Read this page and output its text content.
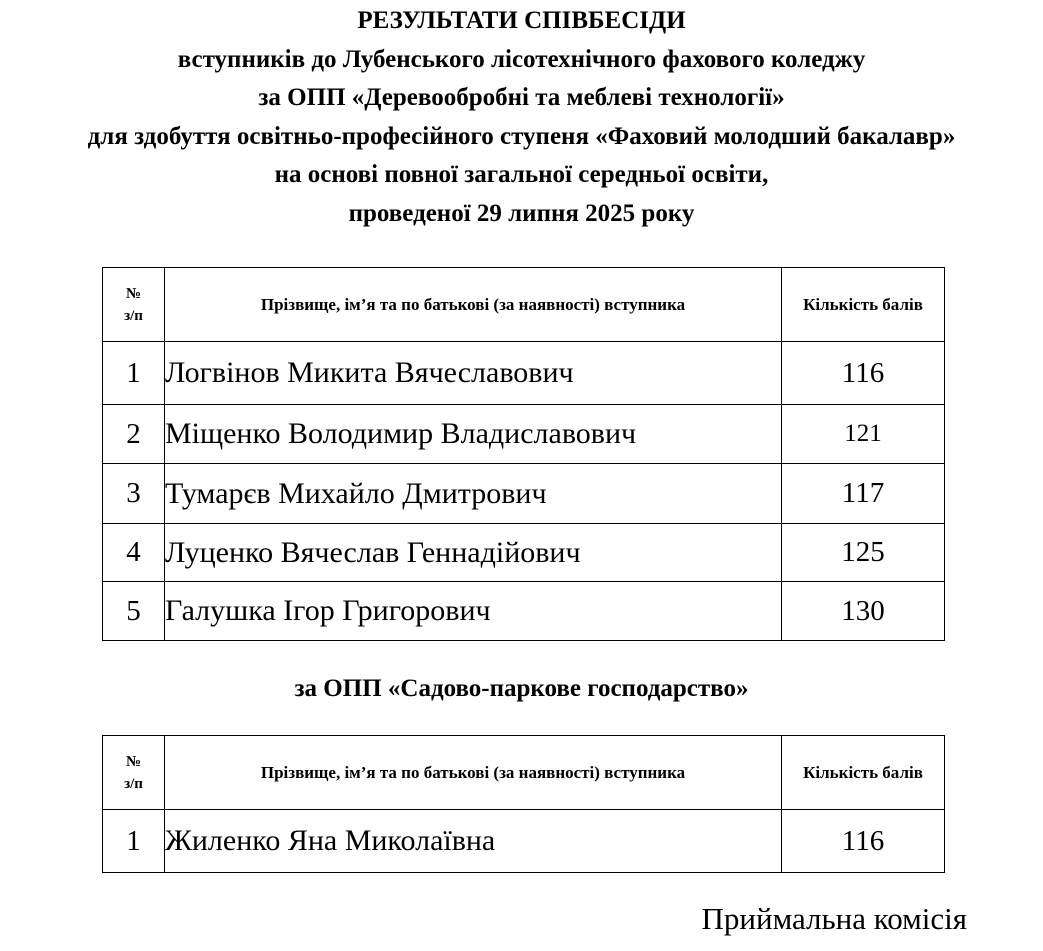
РЕЗУЛЬТАТИ СПІВБЕСІДИ
вступників до Лубенського лісотехнічного фахового коледжу
за ОПП «Деревообробні та меблеві технології»
для здобуття освітньо-професійного ступеня «Фаховий молодший бакалавр»
на основі повної загальної середньої освіти,
проведеної 29 липня 2025 року
№
з/п	Прізвище, ім’я та по батькові (за наявності) вступника	Кількість балів
1	Логвінов Микита Вячеславович	116
2	Міщенко Володимир Владиславович	121
3	Тумарєв Михайло Дмитрович	117
4	Луценко Вячеслав Геннадійович	125
5	Галушка Ігор Григорович	130
за ОПП «Садово-паркове господарство»
№
з/п	Прізвище, ім’я та по батькові (за наявності) вступника	Кількість балів
1	Жиленко Яна Миколаївна	116
Приймальна комісія
